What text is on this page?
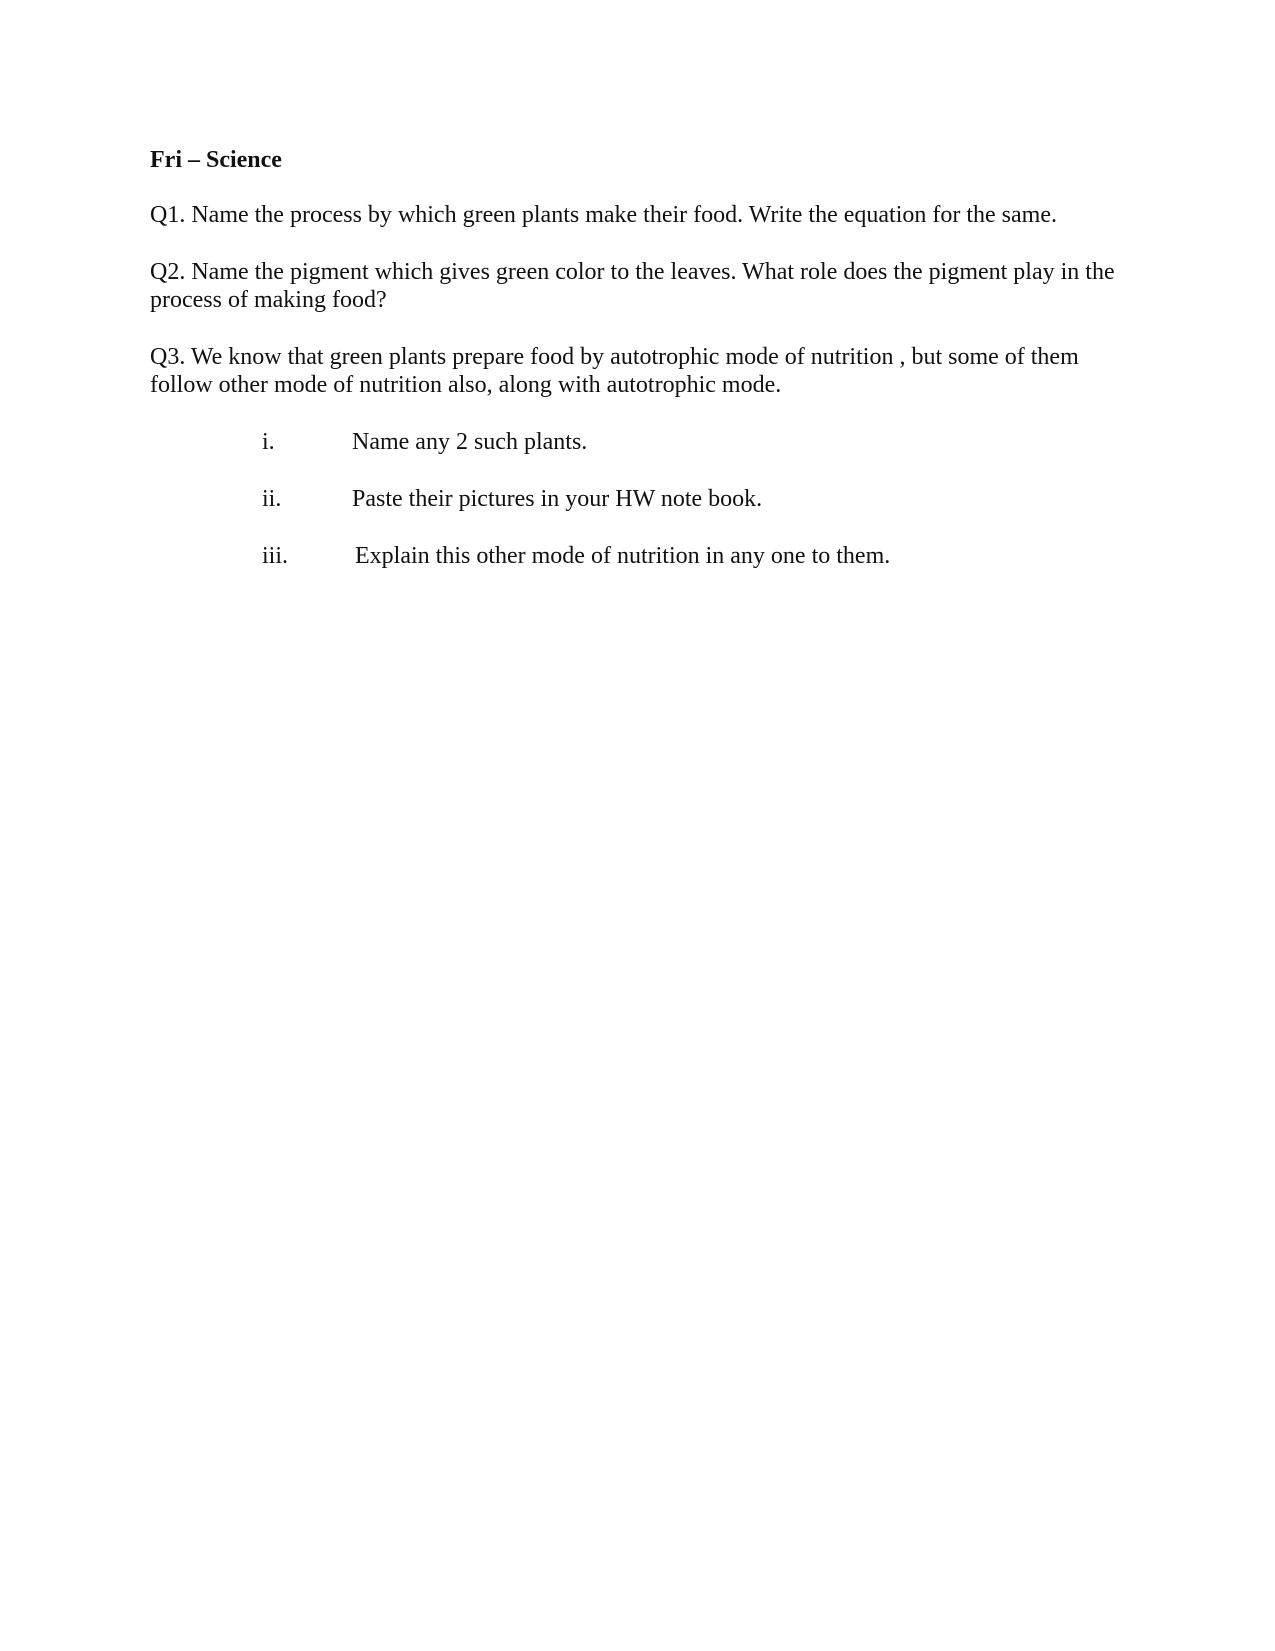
Fri – Science

Q1. Name the process by which green plants make their food. Write the equation for the same.

Q2. Name the pigment which gives green color to the leaves. What role does the pigment play in the process of making food?

Q3. We know that green plants prepare food by autotrophic mode of nutrition , but some of them follow other mode of nutrition also, along with autotrophic mode.

i.	Name any 2 such plants.
ii.	Paste their pictures in your HW note book.
iii.	Explain this other mode of nutrition in any one to them.
